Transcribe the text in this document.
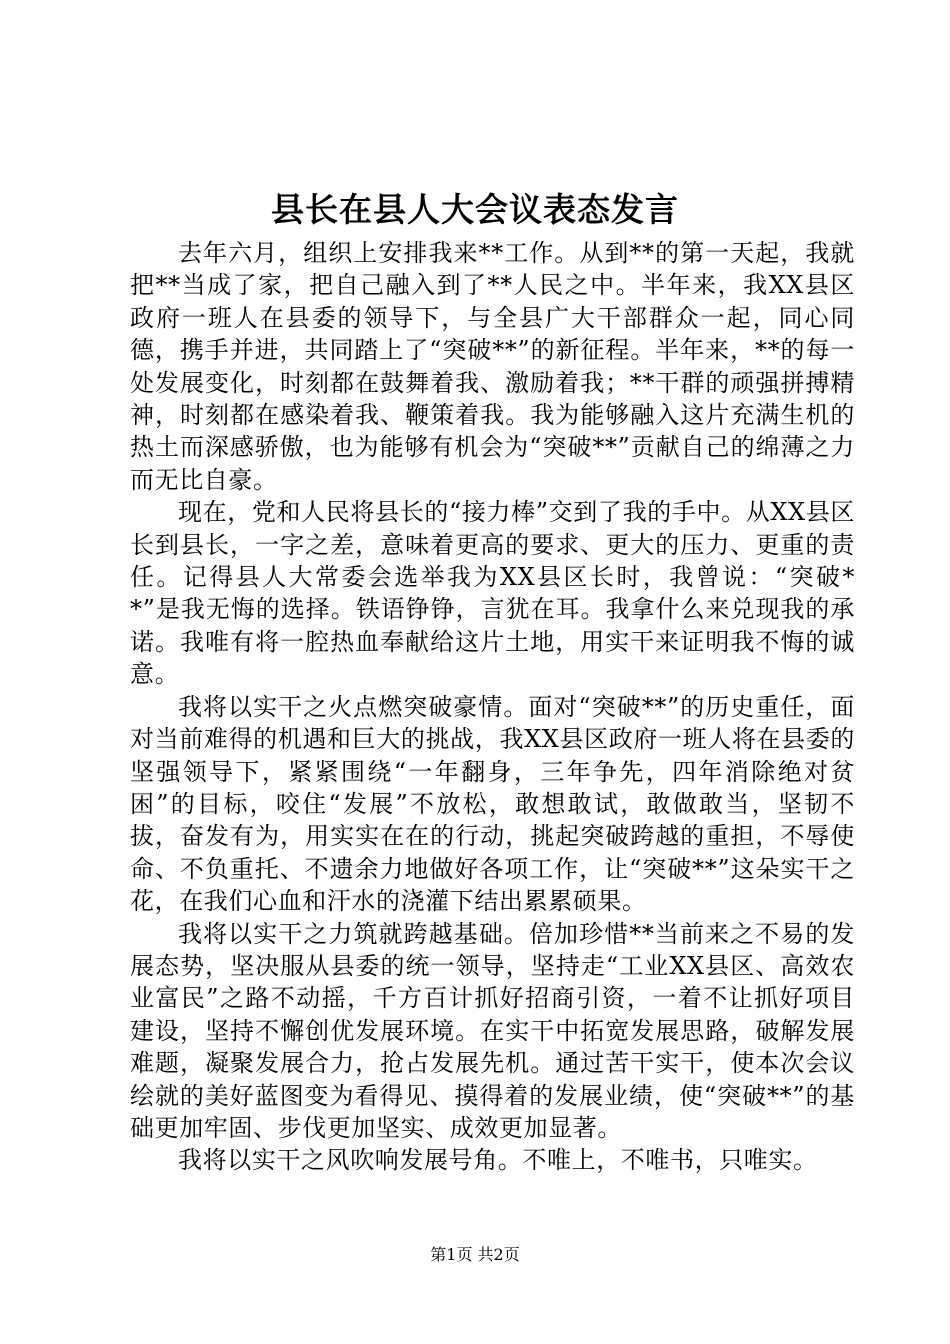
县长在县人大会议表态发言

去年六月，组织上安排我来**工作。从到**的第一天起，我就把**当成了家，把自己融入到了**人民之中。半年来，我XX县区政府一班人在县委的领导下，与全县广大干部群众一起，同心同德，携手并进，共同踏上了“突破**”的新征程。半年来，**的每一处发展变化，时刻都在鼓舞着我、激励着我；**干群的顽强拼搏精神，时刻都在感染着我、鞭策着我。我为能够融入这片充满生机的热土而深感骄傲，也为能够有机会为“突破**”贡献自己的绵薄之力而无比自豪。

现在，党和人民将县长的“接力棒”交到了我的手中。从XX县区长到县长，一字之差，意味着更高的要求、更大的压力、更重的责任。记得县人大常委会选举我为XX县区长时，我曾说：“突破**”是我无悔的选择。铁语铮铮，言犹在耳。我拿什么来兑现我的承诺。我唯有将一腔热血奉献给这片土地，用实干来证明我不悔的诚意。

我将以实干之火点燃突破豪情。面对“突破**”的历史重任，面对当前难得的机遇和巨大的挑战，我XX县区政府一班人将在县委的坚强领导下，紧紧围绕“一年翻身，三年争先，四年消除绝对贫困”的目标，咬住“发展”不放松，敢想敢试，敢做敢当，坚韧不拔，奋发有为，用实实在在的行动，挑起突破跨越的重担，不辱使命、不负重托、不遗余力地做好各项工作，让“突破**”这朵实干之花，在我们心血和汗水的浇灌下结出累累硕果。

我将以实干之力筑就跨越基础。倍加珍惜**当前来之不易的发展态势，坚决服从县委的统一领导，坚持走“工业XX县区、高效农业富民”之路不动摇，千方百计抓好招商引资，一着不让抓好项目建设，坚持不懈创优发展环境。在实干中拓宽发展思路，破解发展难题，凝聚发展合力，抢占发展先机。通过苦干实干，使本次会议绘就的美好蓝图变为看得见、摸得着的发展业绩，使“突破**”的基础更加牢固、步伐更加坚实、成效更加显著。

我将以实干之风吹响发展号角。不唯上，不唯书，只唯实。

第1页 共2页
